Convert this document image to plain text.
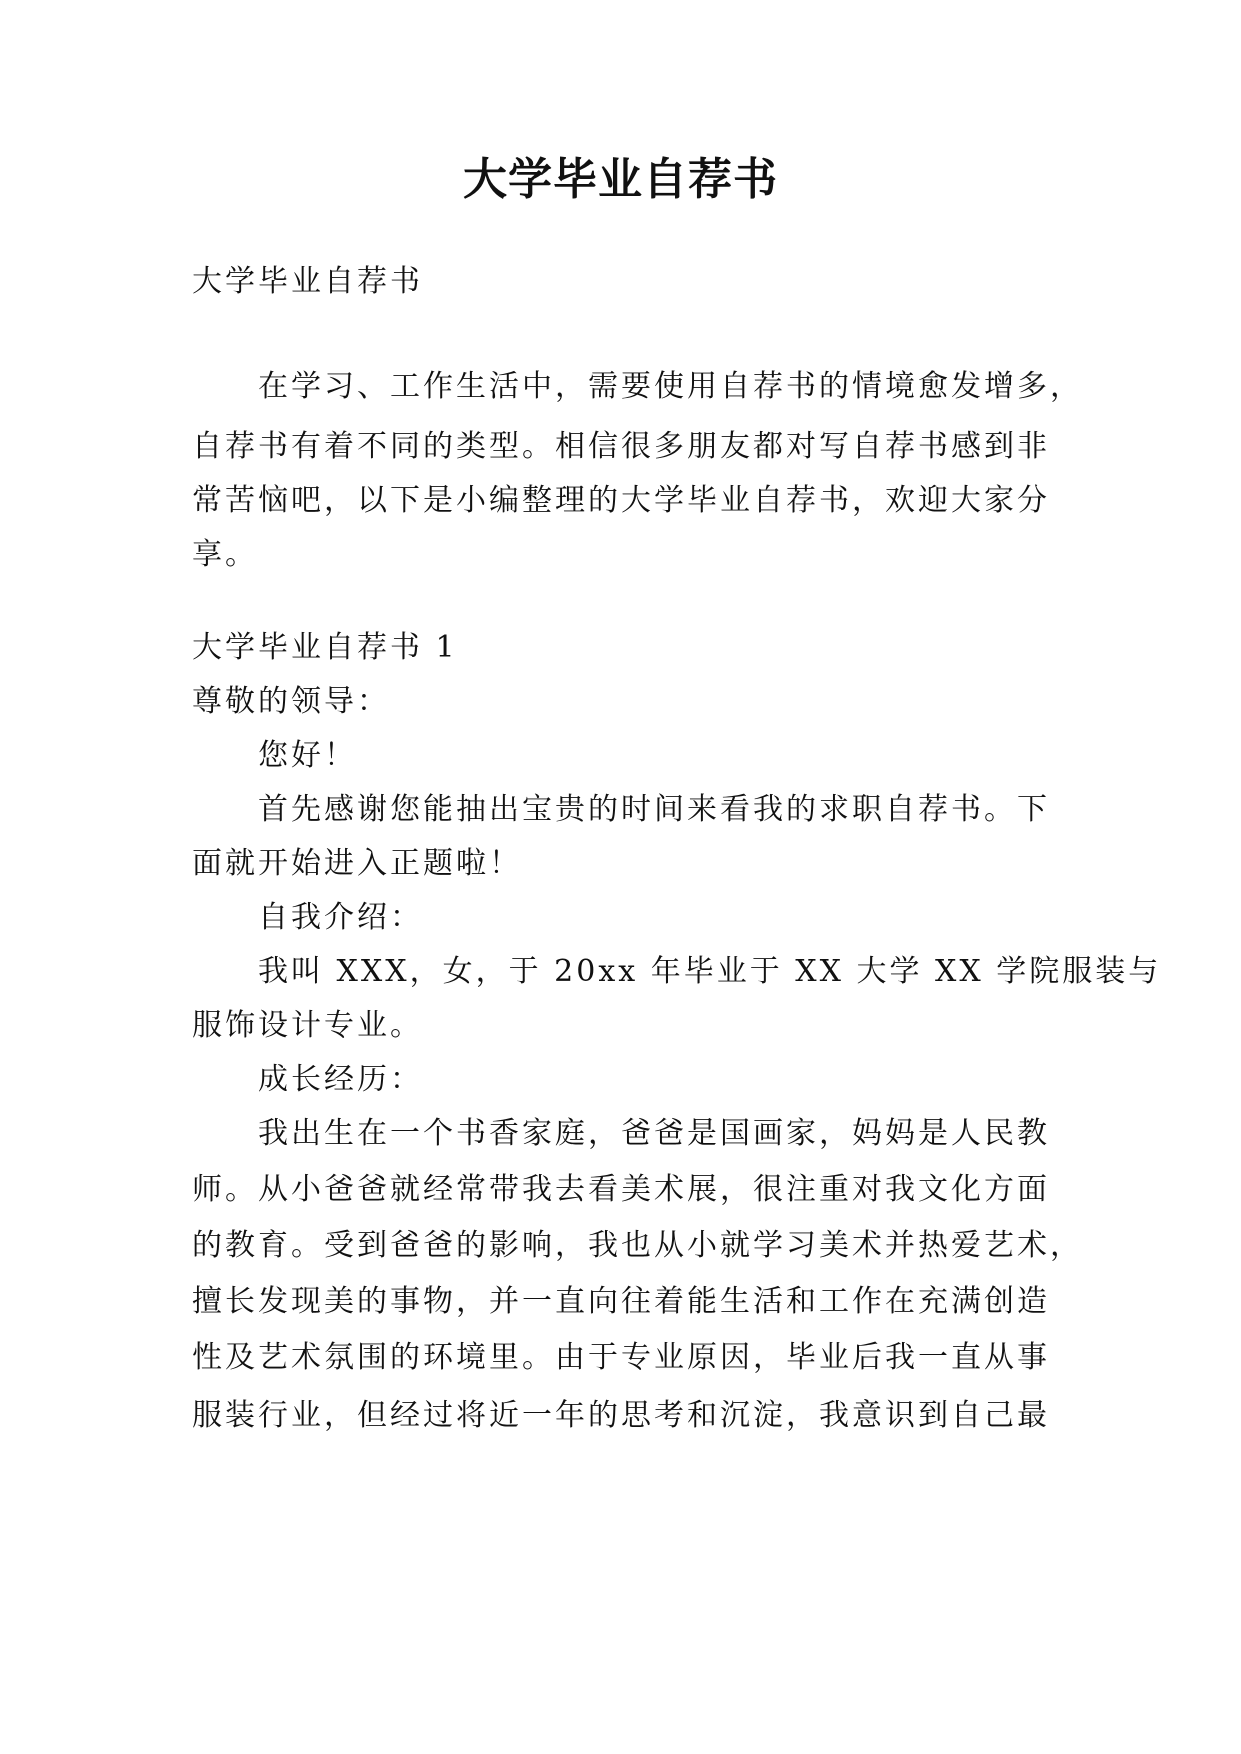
大学毕业自荐书
大学毕业自荐书
在学习、工作生活中，需要使用自荐书的情境愈发增多，
自荐书有着不同的类型。相信很多朋友都对写自荐书感到非
常苦恼吧，以下是小编整理的大学毕业自荐书，欢迎大家分
享。
大学毕业自荐书 1
尊敬的领导：
您好！
首先感谢您能抽出宝贵的时间来看我的求职自荐书。下
面就开始进入正题啦！
自我介绍：
我叫 XXX，女，于 20xx 年毕业于 XX 大学 XX 学院服装与
服饰设计专业。
成长经历：
我出生在一个书香家庭，爸爸是国画家，妈妈是人民教
师。从小爸爸就经常带我去看美术展，很注重对我文化方面
的教育。受到爸爸的影响，我也从小就学习美术并热爱艺术，
擅长发现美的事物，并一直向往着能生活和工作在充满创造
性及艺术氛围的环境里。由于专业原因，毕业后我一直从事
服装行业，但经过将近一年的思考和沉淀，我意识到自己最
